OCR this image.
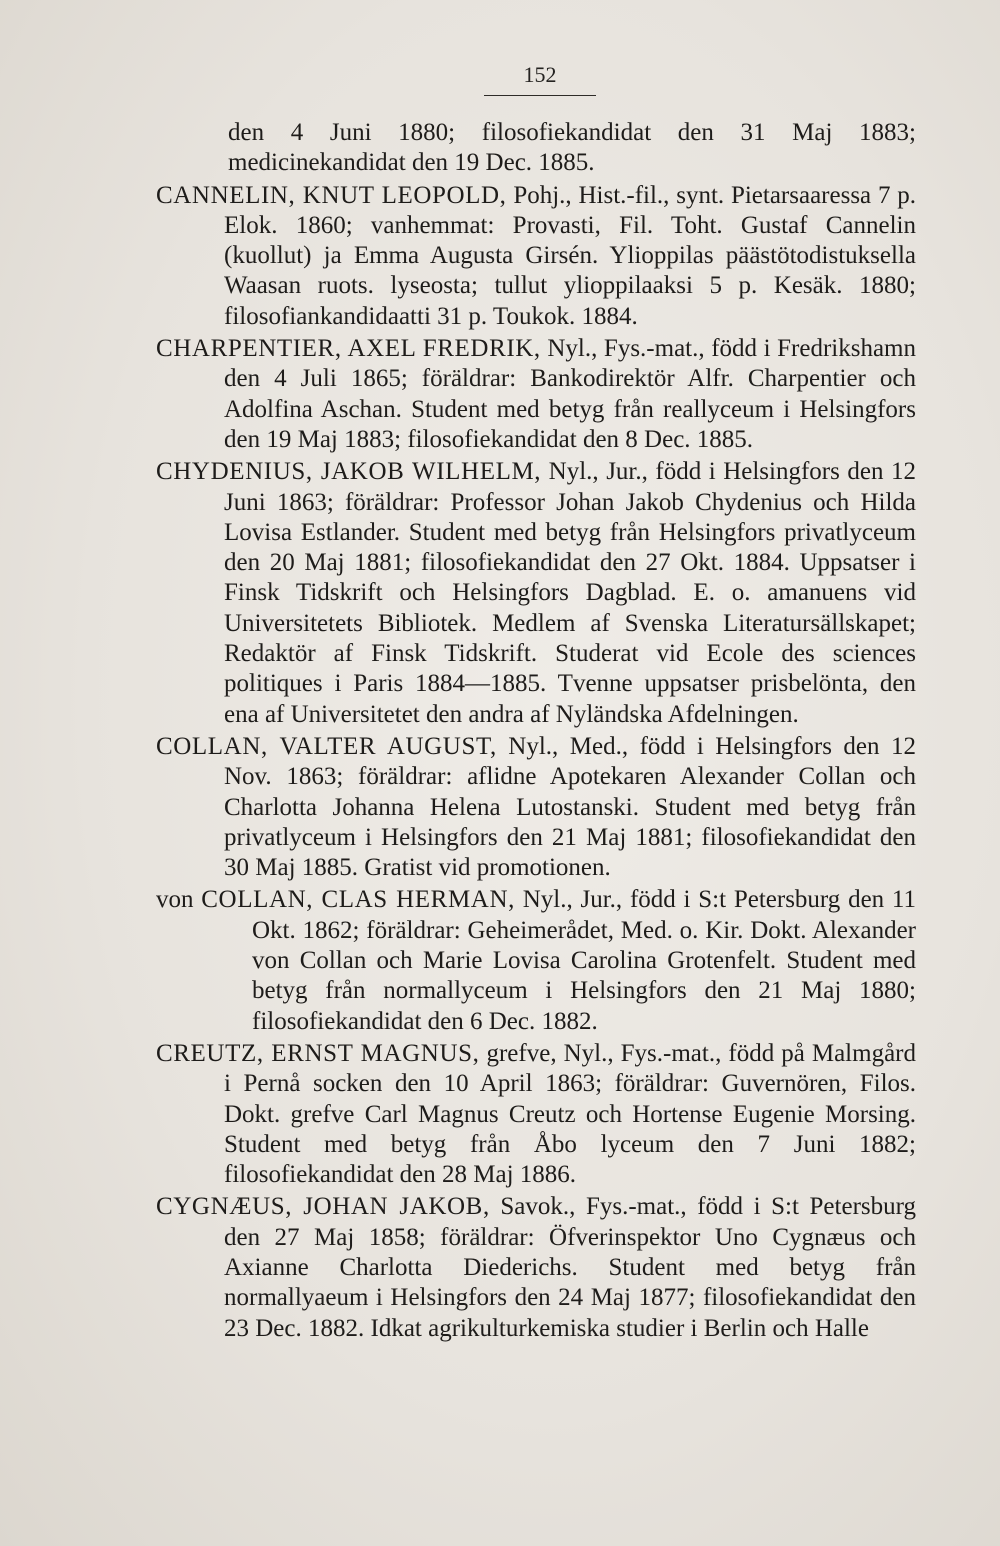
152

den 4 Juni 1880; filosofiekandidat den 31 Maj 1883; medicinekandidat den 19 Dec. 1885.

CANNELIN, KNUT LEOPOLD, Pohj., Hist.-fil., synt. Pietarsaaressa 7 p. Elok. 1860; vanhemmat: Provasti, Fil. Toht. Gustaf Cannelin (kuollut) ja Emma Augusta Girsén. Ylioppilas päästötodistuksella Waasan ruots. lyseosta; tullut ylioppilaaksi 5 p. Kesäk. 1880; filosofiankandidaatti 31 p. Toukok. 1884.

CHARPENTIER, AXEL FREDRIK, Nyl., Fys.-mat., född i Fredrikshamn den 4 Juli 1865; föräldrar: Bankodirektör Alfr. Charpentier och Adolfina Aschan. Student med betyg från reallyceum i Helsingfors den 19 Maj 1883; filosofiekandidat den 8 Dec. 1885.

CHYDENIUS, JAKOB WILHELM, Nyl., Jur., född i Helsingfors den 12 Juni 1863; föräldrar: Professor Johan Jakob Chydenius och Hilda Lovisa Estlander. Student med betyg från Helsingfors privatlyceum den 20 Maj 1881; filosofiekandidat den 27 Okt. 1884. Uppsatser i Finsk Tidskrift och Helsingfors Dagblad. E. o. amanuens vid Universitetets Bibliotek. Medlem af Svenska Literatursällskapet; Redaktör af Finsk Tidskrift. Studerat vid Ecole des sciences politiques i Paris 1884—1885. Tvenne uppsatser prisbelönta, den ena af Universitetet den andra af Nyländska Afdelningen.

COLLAN, VALTER AUGUST, Nyl., Med., född i Helsingfors den 12 Nov. 1863; föräldrar: aflidne Apotekaren Alexander Collan och Charlotta Johanna Helena Lutostanski. Student med betyg från privatlyceum i Helsingfors den 21 Maj 1881; filosofiekandidat den 30 Maj 1885. Gratist vid promotionen.

von COLLAN, CLAS HERMAN, Nyl., Jur., född i S:t Petersburg den 11 Okt. 1862; föräldrar: Geheimerådet, Med. o. Kir. Dokt. Alexander von Collan och Marie Lovisa Carolina Grotenfelt. Student med betyg från normallyceum i Helsingfors den 21 Maj 1880; filosofiekandidat den 6 Dec. 1882.

CREUTZ, ERNST MAGNUS, grefve, Nyl., Fys.-mat., född på Malmgård i Pernå socken den 10 April 1863; föräldrar: Guvernören, Filos. Dokt. grefve Carl Magnus Creutz och Hortense Eugenie Morsing. Student med betyg från Åbo lyceum den 7 Juni 1882; filosofiekandidat den 28 Maj 1886.

CYGNÆUS, JOHAN JAKOB, Savok., Fys.-mat., född i S:t Petersburg den 27 Maj 1858; föräldrar: Öfverinspektor Uno Cygnæus och Axianne Charlotta Diederichs. Student med betyg från normallyaeum i Helsingfors den 24 Maj 1877; filosofiekandidat den 23 Dec. 1882. Idkat agrikulturkemiska studier i Berlin och Halle
